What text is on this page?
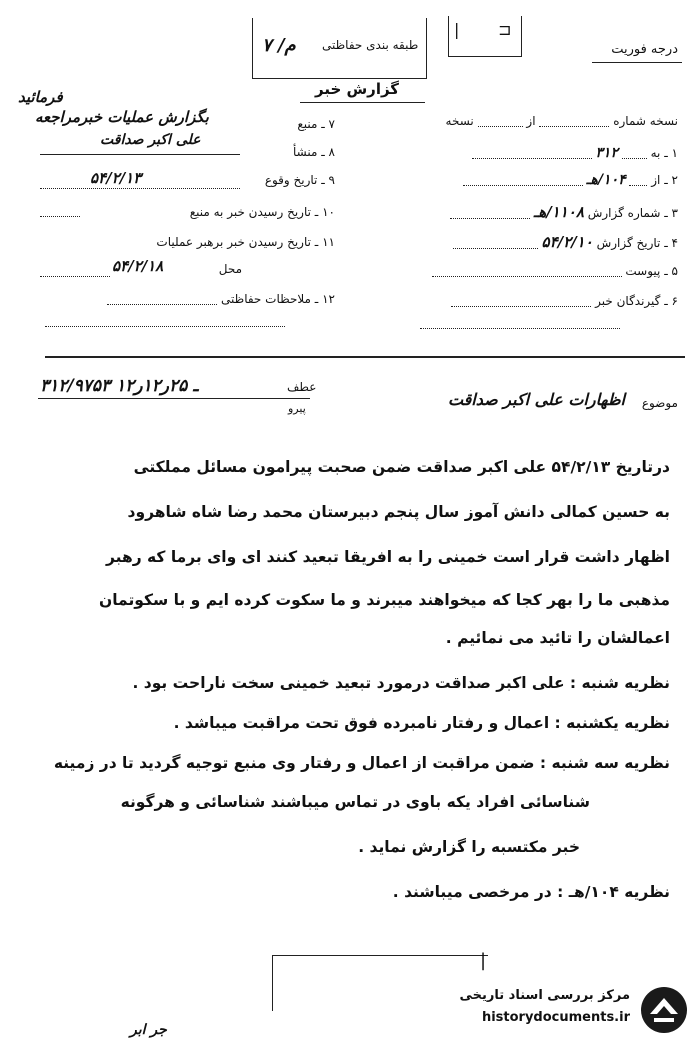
طبقه بندی حفاظتی
۷ /م
| ⊐
درجه فوریت
گزارش خبر
فرمائید
بگزارش عملیات خبرمراجعه	نسخه شماره  از  نسخه
۱ ـ به  ۳۱۲
۲ ـ از  ۱۰۴/هـ
۳ ـ شماره گزارش ۱۱۰۸/هـ
۴ ـ تاریخ گزارش ۵۴/۲/۱۰
۵ ـ پیوست
۶ ـ گیرندگان خبر
۷ ـ منبع
۸ ـ منشأ
علی اکبر صداقت
۹ ـ تاریخ وقوع
۵۴/۲/۱۳
۱۰ ـ تاریخ رسیدن خبر به منبع
۱۱ ـ تاریخ رسیدن خبر برهبر عملیات
محل
۵۴/۲/۱۸
۱۲ ـ ملاحظات حفاظتی
موضوع
اظهارات علی اکبر صداقت
عطف
۳۱۲/۹۷۵۳ ـ ۲۵ر۱۲ر۱۲
پیرو
درتاریخ ۵۴/۲/۱۳ علی اکبر صداقت ضمن صحبت پیرامون مسائل مملکتی
به حسین کمالی دانش آموز سال پنجم دبیرستان محمد رضا شاه شاهرود
اظهار داشت قرار است خمینی را به افریقا تبعید کنند ای وای برما که رهبر
مذهبی ما را بهر کجا که میخواهند میبرند و ما سکوت کرده ایم و با سکوتمان
اعمالشان را تائید می نمائیم .
نظریه شنبه : علی اکبر صداقت درمورد تبعید خمینی سخت ناراحت بود .
نظریه یکشنبه : اعمال و رفتار نامبرده فوق تحت مراقبت میباشد .
نظریه سه شنبه : ضمن مراقبت از اعمال و رفتار وی منبع توجیه گردید تا در زمینه
شناسائی افراد یکه باوی در تماس میباشند شناسائی و هرگونه
خبر مکتسبه را گزارش نماید .
نظریه ۱۰۴/هـ : در مرخصی میباشند .
|
جر ابر
مرکز بررسی اسناد تاریخی
historydocuments.ir
